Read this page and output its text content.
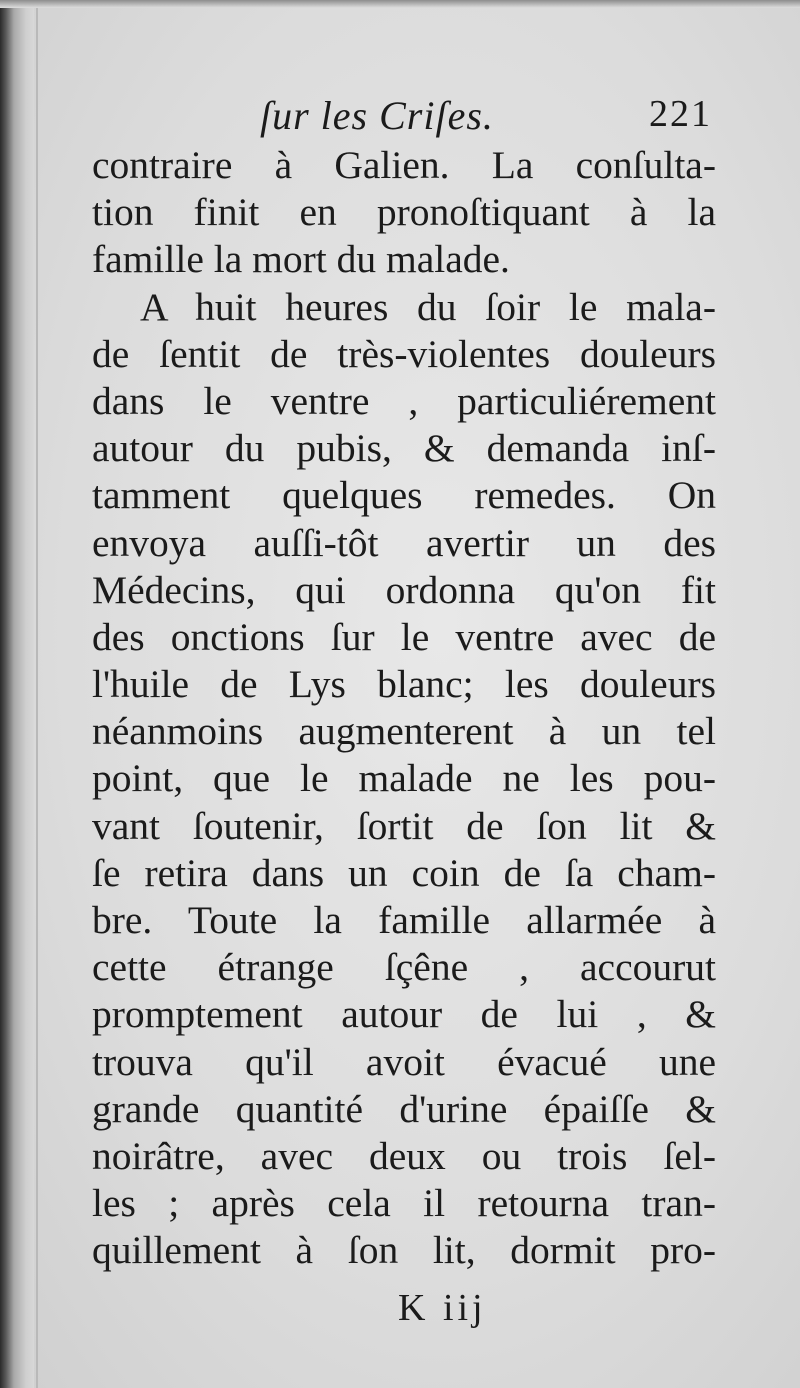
ſur les Criſes.	221
contraire à Galien. La conſulta-
tion finit en pronoſtiquant à la
famille la mort du malade.
A huit heures du ſoir le mala-
de ſentit de très-violentes douleurs
dans le ventre , particuliérement
autour du pubis, & demanda inſ-
tamment quelques remedes. On
envoya auſſi-tôt avertir un des
Médecins, qui ordonna qu'on fit
des onctions ſur le ventre avec de
l'huile de Lys blanc; les douleurs
néanmoins augmenterent à un tel
point, que le malade ne les pou-
vant ſoutenir, ſortit de ſon lit &
ſe retira dans un coin de ſa cham-
bre. Toute la famille allarmée à
cette étrange ſçêne , accourut
promptement autour de lui , &
trouva qu'il avoit évacué une
grande quantité d'urine épaiſſe &
noirâtre, avec deux ou trois ſel-
les ; après cela il retourna tran-
quillement à ſon lit, dormit pro-
K iij
